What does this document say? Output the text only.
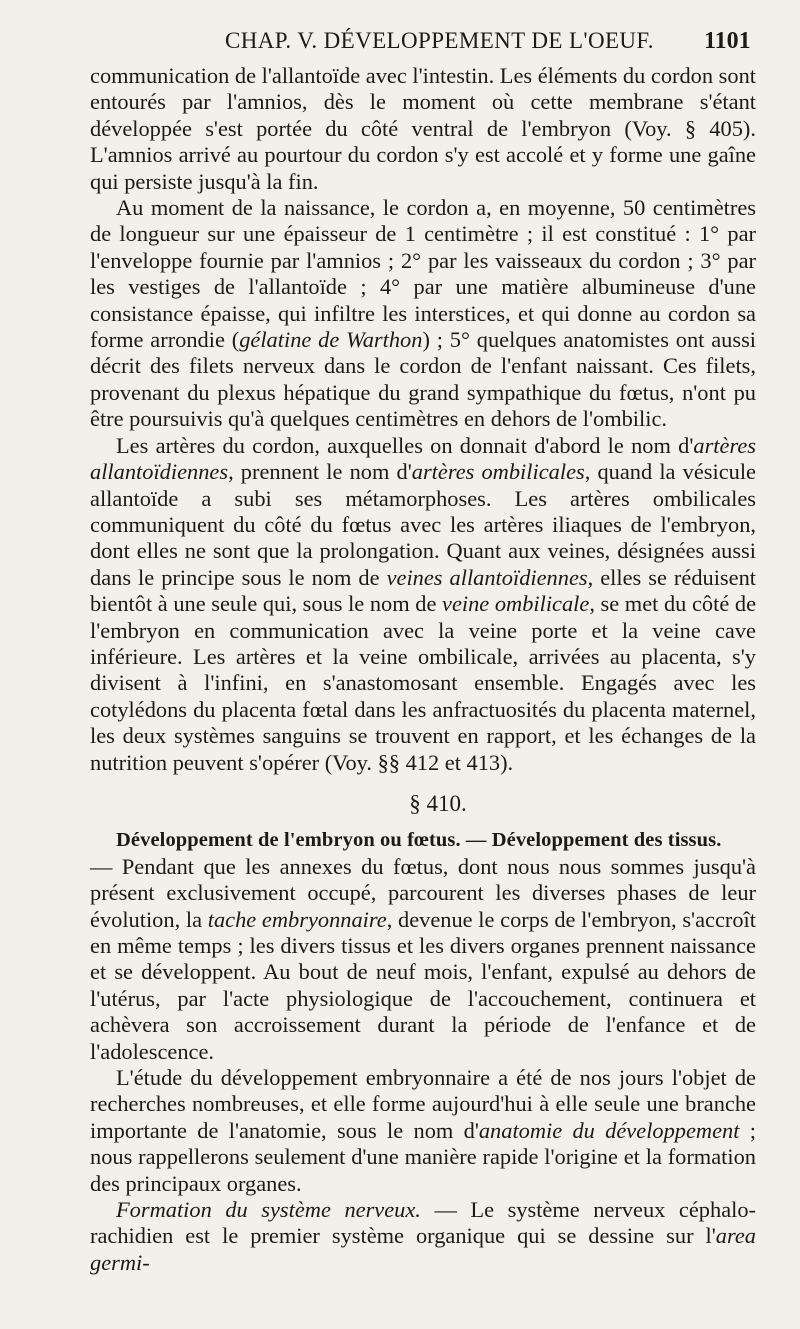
CHAP. V. DÉVELOPPEMENT DE L'OEUF. 1101

communication de l'allantoïde avec l'intestin. Les éléments du cordon sont entourés par l'amnios, dès le moment où cette membrane s'étant développée s'est portée du côté ventral de l'embryon (Voy. § 405). L'amnios arrivé au pourtour du cordon s'y est accolé et y forme une gaîne qui persiste jusqu'à la fin.

Au moment de la naissance, le cordon a, en moyenne, 50 centimètres de longueur sur une épaisseur de 1 centimètre ; il est constitué : 1° par l'enveloppe fournie par l'amnios ; 2° par les vaisseaux du cordon ; 3° par les vestiges de l'allantoïde ; 4° par une matière albumineuse d'une consistance épaisse, qui infiltre les interstices, et qui donne au cordon sa forme arrondie (gélatine de Warthon) ; 5° quelques anatomistes ont aussi décrit des filets nerveux dans le cordon de l'enfant naissant. Ces filets, provenant du plexus hépatique du grand sympathique du fœtus, n'ont pu être poursuivis qu'à quelques centimètres en dehors de l'ombilic.

Les artères du cordon, auxquelles on donnait d'abord le nom d'artères allantoïdiennes, prennent le nom d'artères ombilicales, quand la vésicule allantoïde a subi ses métamorphoses. Les artères ombilicales communiquent du côté du fœtus avec les artères iliaques de l'embryon, dont elles ne sont que la prolongation. Quant aux veines, désignées aussi dans le principe sous le nom de veines allantoïdiennes, elles se réduisent bientôt à une seule qui, sous le nom de veine ombilicale, se met du côté de l'embryon en communication avec la veine porte et la veine cave inférieure. Les artères et la veine ombilicale, arrivées au placenta, s'y divisent à l'infini, en s'anastomosant ensemble. Engagés avec les cotylédons du placenta fœtal dans les anfractuosités du placenta maternel, les deux systèmes sanguins se trouvent en rapport, et les échanges de la nutrition peuvent s'opérer (Voy. §§ 412 et 413).

§ 410.
Développement de l'embryon ou fœtus. — Développement des tissus.

— Pendant que les annexes du fœtus, dont nous nous sommes jusqu'à présent exclusivement occupé, parcourent les diverses phases de leur évolution, la tache embryonnaire, devenue le corps de l'embryon, s'accroît en même temps ; les divers tissus et les divers organes prennent naissance et se développent. Au bout de neuf mois, l'enfant, expulsé au dehors de l'utérus, par l'acte physiologique de l'accouchement, continuera et achèvera son accroissement durant la période de l'enfance et de l'adolescence.

L'étude du développement embryonnaire a été de nos jours l'objet de recherches nombreuses, et elle forme aujourd'hui à elle seule une branche importante de l'anatomie, sous le nom d'anatomie du développement ; nous rappellerons seulement d'une manière rapide l'origine et la formation des principaux organes.

Formation du système nerveux. — Le système nerveux céphalo-rachidien est le premier système organique qui se dessine sur l'area germi-
